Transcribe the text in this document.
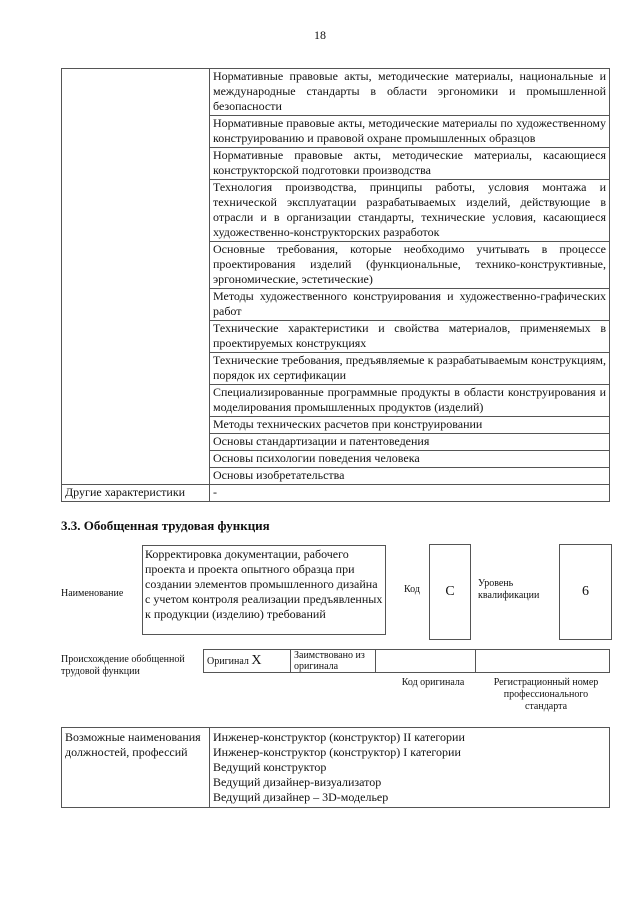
18
	Нормативные правовые акты, методические материалы, национальные и международные стандарты в области эргономики и промышленной безопасности
	Нормативные правовые акты, методические материалы по художественному конструированию и правовой охране промышленных образцов
	Нормативные правовые акты, методические материалы, касающиеся конструкторской подготовки производства
	Технология производства, принципы работы, условия монтажа и технической эксплуатации разрабатываемых изделий, действующие в отрасли и в организации стандарты, технические условия, касающиеся художественно-конструкторских разработок
	Основные требования, которые необходимо учитывать в процессе проектирования изделий (функциональные, технико-конструктивные, эргономические, эстетические)
	Методы художественного конструирования и художественно-графических работ
	Технические характеристики и свойства материалов, применяемых в проектируемых конструкциях
	Технические требования, предъявляемые к разрабатываемым конструкциям, порядок их сертификации
	Специализированные программные продукты в области конструирования и моделирования промышленных продуктов (изделий)
	Методы технических расчетов при конструировании
	Основы стандартизации и патентоведения
	Основы психологии поведения человека
	Основы изобретательства
Другие характеристики	-
3.3. Обобщенная трудовая функция
Наименование
Корректировка документации, рабочего проекта и проекта опытного образца при создании элементов промышленного дизайна с учетом контроля реализации предъявленных к продукции (изделию) требований
Код	C
Уровень квалификации	6
Происхождение обобщенной трудовой функции
Оригинал X	Заимствовано из оригинала		
Код оригинала	Регистрационный номер профессионального стандарта
Возможные наименования должностей, профессий	
Инженер-конструктор (конструктор) II категории
Инженер-конструктор (конструктор) I категории
Ведущий конструктор
Ведущий дизайнер-визуализатор
Ведущий дизайнер – 3D-модельер
